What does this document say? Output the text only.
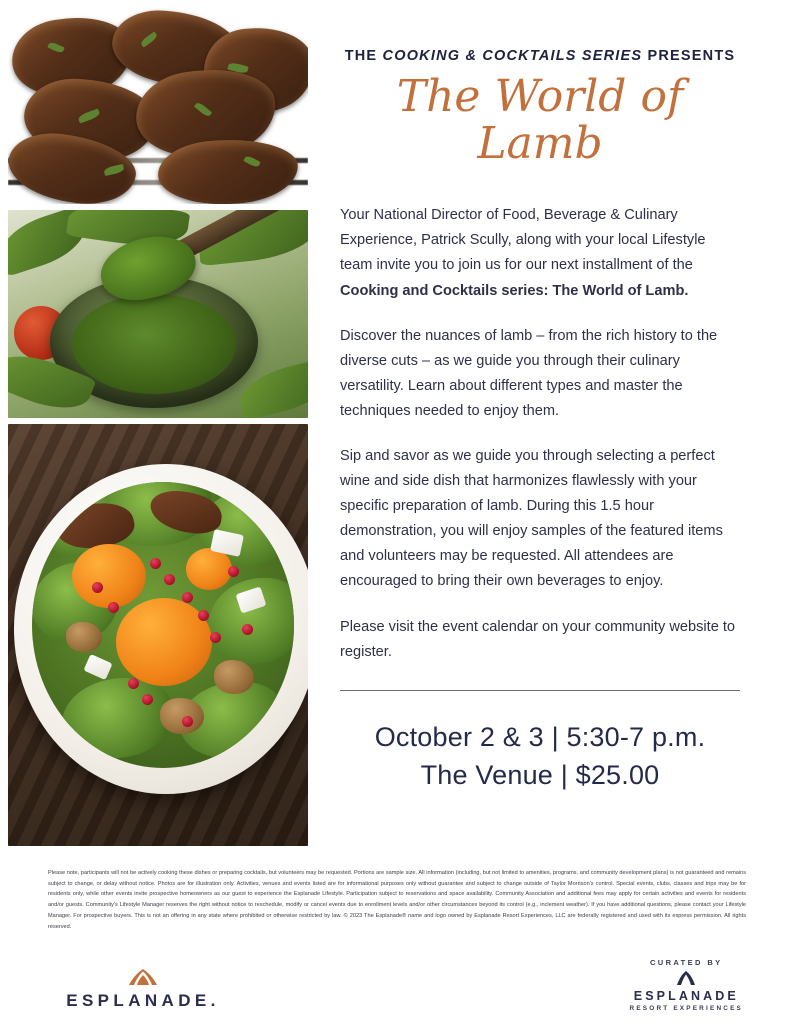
THE COOKING & COCKTAILS SERIES PRESENTS
The World of Lamb

Your National Director of Food, Beverage & Culinary Experience, Patrick Scully, along with your local Lifestyle team invite you to join us for our next installment of the Cooking and Cocktails series: The World of Lamb.

Discover the nuances of lamb – from the rich history to the diverse cuts – as we guide you through their culinary versatility. Learn about different types and master the techniques needed to enjoy them.

Sip and savor as we guide you through selecting a perfect wine and side dish that harmonizes flawlessly with your specific preparation of lamb. During this 1.5 hour demonstration, you will enjoy samples of the featured items and volunteers may be requested. All attendees are encouraged to bring their own beverages to enjoy.

Please visit the event calendar on your community website to register.

October 2 & 3 | 5:30-7 p.m.
The Venue | $25.00
Please note, participants will not be actively cooking these dishes or preparing cocktails, but volunteers may be requested. Portions are sample size. All information (including, but not limited to amenities, programs, and community development plans) is not guaranteed and remains subject to change, or delay without notice. Photos are for illustration only. Activities, venues and events listed are for informational purposes only without guarantee and subject to change outside of Taylor Morrison's control. Special events, clubs, classes and trips may be for residents only, while other events invite prospective homeowners as our guest to experience the Esplanade Lifestyle. Participation subject to reservations and space availability. Community Association and additional fees may apply for certain activities and events for residents and/or guests. Community's Lifestyle Manager reserves the right without notice to reschedule, modify or cancel events due to enrollment levels and/or other circumstances beyond its control (e.g., inclement weather). If you have additional questions, please contact your Lifestyle Manager. For prospective buyers. This is not an offering in any state where prohibited or otherwise restricted by law. © 2023 The Esplanade® name and logo owned by Esplanade Resort Experiences, LLC are federally registered and used with its express permission. All rights reserved.
ESPLANADE.
CURATED BY
ESPLANADE
RESORT EXPERIENCES
